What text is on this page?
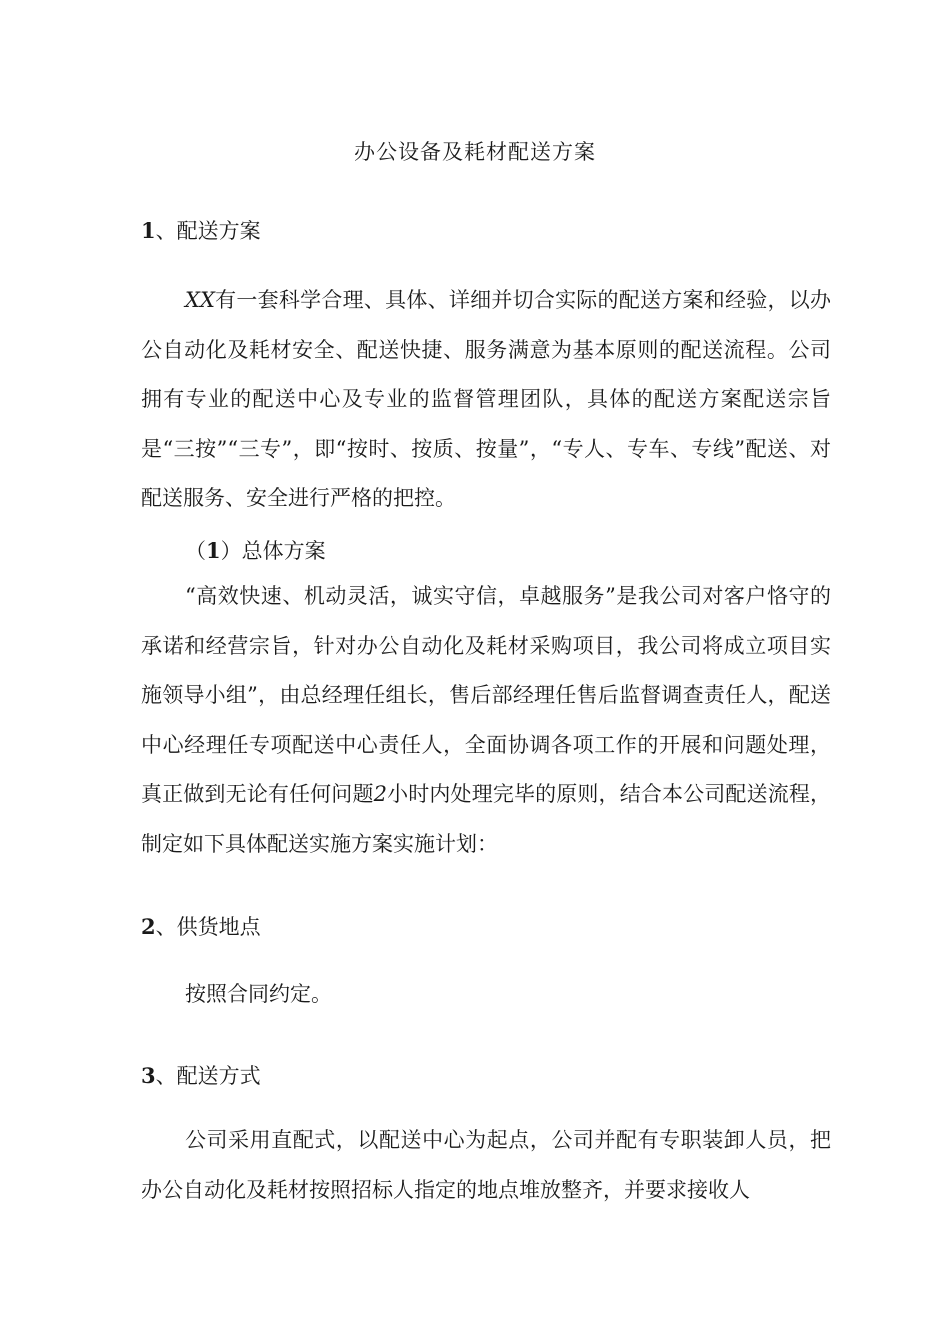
办公设备及耗材配送方案
1、配送方案
XX有一套科学合理、具体、详细并切合实际的配送方案和经验，以办公自动化及耗材安全、配送快捷、服务满意为基本原则的配送流程。公司拥有专业的配送中心及专业的监督管理团队，具体的配送方案配送宗旨是“三按”“三专”，即“按时、按质、按量”，“专人、专车、专线”配送、对配送服务、安全进行严格的把控。
（1）总体方案
“高效快速、机动灵活，诚实守信，卓越服务”是我公司对客户恪守的承诺和经营宗旨，针对办公自动化及耗材采购项目，我公司将成立项目实施领导小组”，由总经理任组长，售后部经理任售后监督调查责任人，配送中心经理任专项配送中心责任人，全面协调各项工作的开展和问题处理，真正做到无论有任何问题2小时内处理完毕的原则，结合本公司配送流程，制定如下具体配送实施方案实施计划：
2、供货地点
按照合同约定。
3、配送方式
公司采用直配式，以配送中心为起点，公司并配有专职装卸人员，把办公自动化及耗材按照招标人指定的地点堆放整齐，并要求接收人
